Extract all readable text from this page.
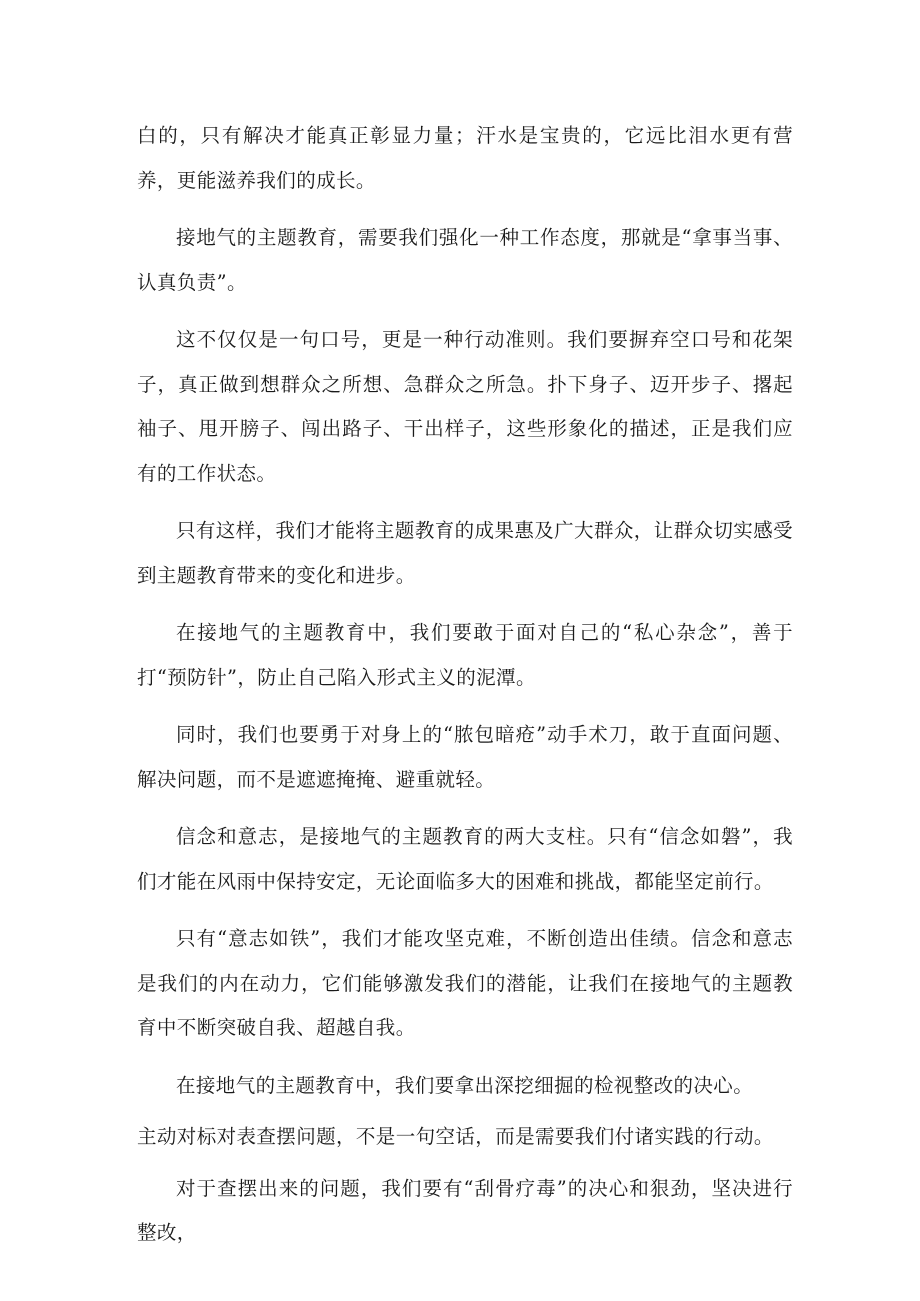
白的，只有解决才能真正彰显力量；汗水是宝贵的，它远比泪水更有营养，更能滋养我们的成长。

接地气的主题教育，需要我们强化一种工作态度，那就是“拿事当事、认真负责”。

这不仅仅是一句口号，更是一种行动准则。我们要摒弃空口号和花架子，真正做到想群众之所想、急群众之所急。扑下身子、迈开步子、撂起袖子、甩开膀子、闯出路子、干出样子，这些形象化的描述，正是我们应有的工作状态。

只有这样，我们才能将主题教育的成果惠及广大群众，让群众切实感受到主题教育带来的变化和进步。

在接地气的主题教育中，我们要敢于面对自己的“私心杂念”，善于打“预防针”，防止自己陷入形式主义的泥潭。

同时，我们也要勇于对身上的“脓包暗疮”动手术刀，敢于直面问题、解决问题，而不是遮遮掩掩、避重就轻。

信念和意志，是接地气的主题教育的两大支柱。只有“信念如磐”，我们才能在风雨中保持安定，无论面临多大的困难和挑战，都能坚定前行。

只有“意志如铁”，我们才能攻坚克难，不断创造出佳绩。信念和意志是我们的内在动力，它们能够激发我们的潜能，让我们在接地气的主题教育中不断突破自我、超越自我。

在接地气的主题教育中，我们要拿出深挖细掘的检视整改的决心。

主动对标对表查摆问题，不是一句空话，而是需要我们付诸实践的行动。

对于查摆出来的问题，我们要有“刮骨疗毒”的决心和狠劲，坚决进行整改，
